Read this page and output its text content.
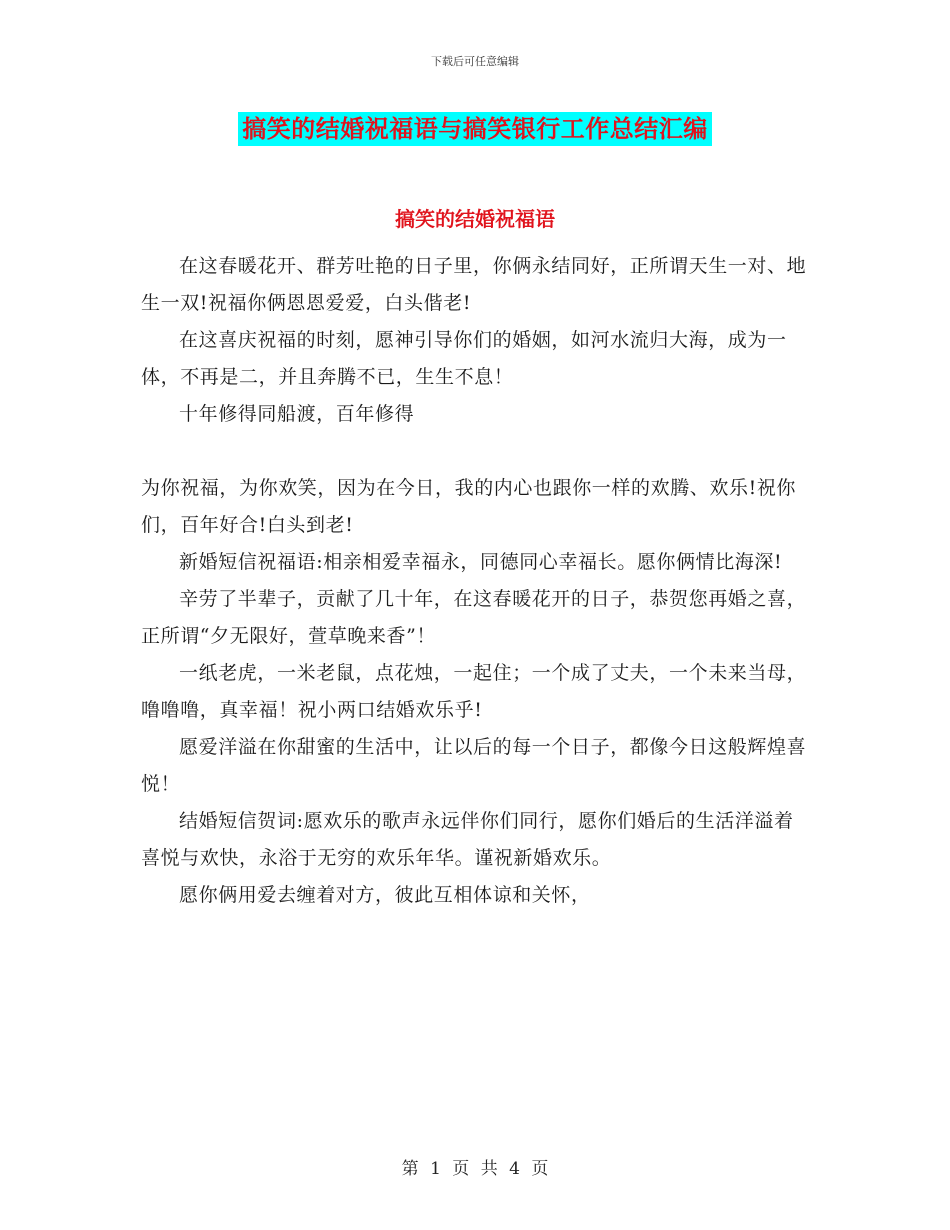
下载后可任意编辑
搞笑的结婚祝福语与搞笑银行工作总结汇编
搞笑的结婚祝福语

在这春暖花开、群芳吐艳的日子里，你俩永结同好，正所谓天生一对、地生一双!祝福你俩恩恩爱爱，白头偕老!

在这喜庆祝福的时刻，愿神引导你们的婚姻，如河水流归大海，成为一体，不再是二，并且奔腾不已，生生不息！

十年修得同船渡，百年修得

为你祝福，为你欢笑，因为在今日，我的内心也跟你一样的欢腾、欢乐!祝你们，百年好合!白头到老!

新婚短信祝福语:相亲相爱幸福永，同德同心幸福长。愿你俩情比海深!

辛劳了半辈子，贡献了几十年，在这春暖花开的日子，恭贺您再婚之喜，正所谓“夕无限好，萱草晚来香”！

一纸老虎，一米老鼠，点花烛，一起住；一个成了丈夫，一个未来当母，噜噜噜，真幸福！祝小两口结婚欢乐乎!

愿爱洋溢在你甜蜜的生活中，让以后的每一个日子，都像今日这般辉煌喜悦！

结婚短信贺词:愿欢乐的歌声永远伴你们同行，愿你们婚后的生活洋溢着喜悦与欢快，永浴于无穷的欢乐年华。谨祝新婚欢乐。

愿你俩用爱去缠着对方，彼此互相体谅和关怀，

第 1 页 共 4 页
